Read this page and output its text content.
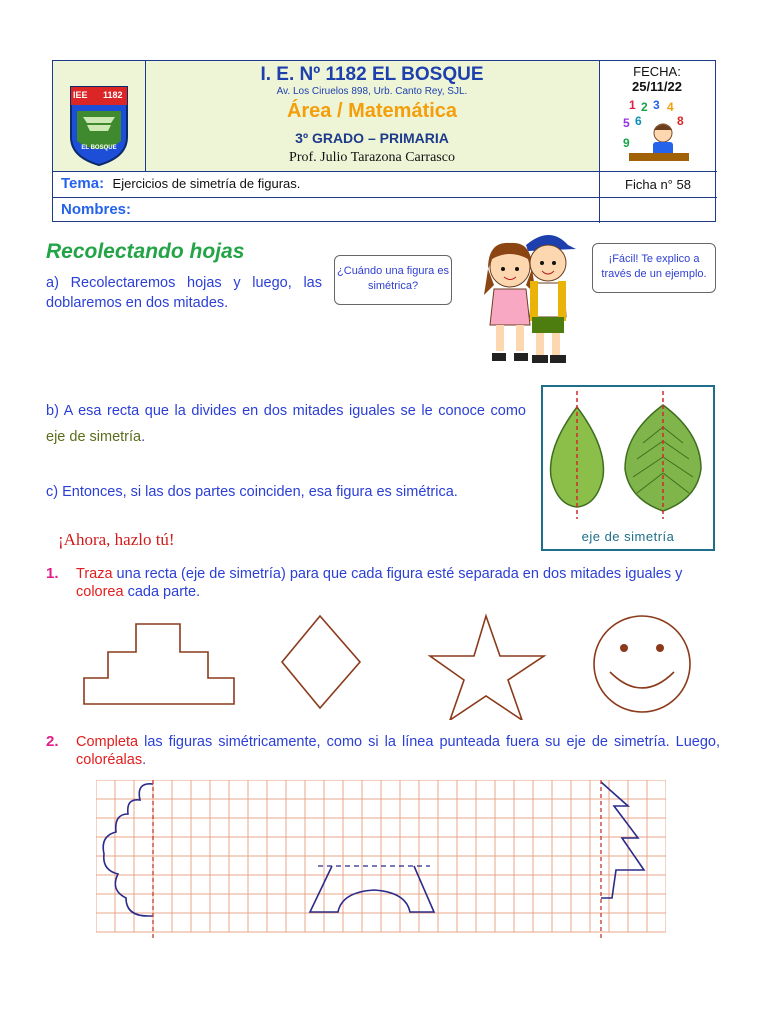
IEE 1182
EL BOSQUE
I. E. Nº 1182 EL BOSQUE
Av. Los Ciruelos 898, Urb. Canto Rey, SJL.
Área / Matemática
3º GRADO – PRIMARIA
Prof. Julio Tarazona Carrasco
FECHA:
25/11/22
1 2 3 4
5 6	8
9
Tema: Ejercicios de simetría de figuras.	Ficha n° 58
Nombres:
Recolectando hojas
a) Recolectaremos hojas y luego, las doblaremos en dos mitades.
¿Cuándo una figura es simétrica?
¡Fácil! Te explico a través de un ejemplo.
b) A esa recta que la divides en dos mitades iguales se le conoce como eje de simetría.
c) Entonces, si las dos partes coinciden, esa figura es simétrica.
eje de simetría
¡Ahora, hazlo tú!
1. Traza una recta (eje de simetría) para que cada figura esté separada en dos mitades iguales y colorea cada parte.
2. Completa las figuras simétricamente, como si la línea punteada fuera su eje de simetría. Luego, coloréalas.
